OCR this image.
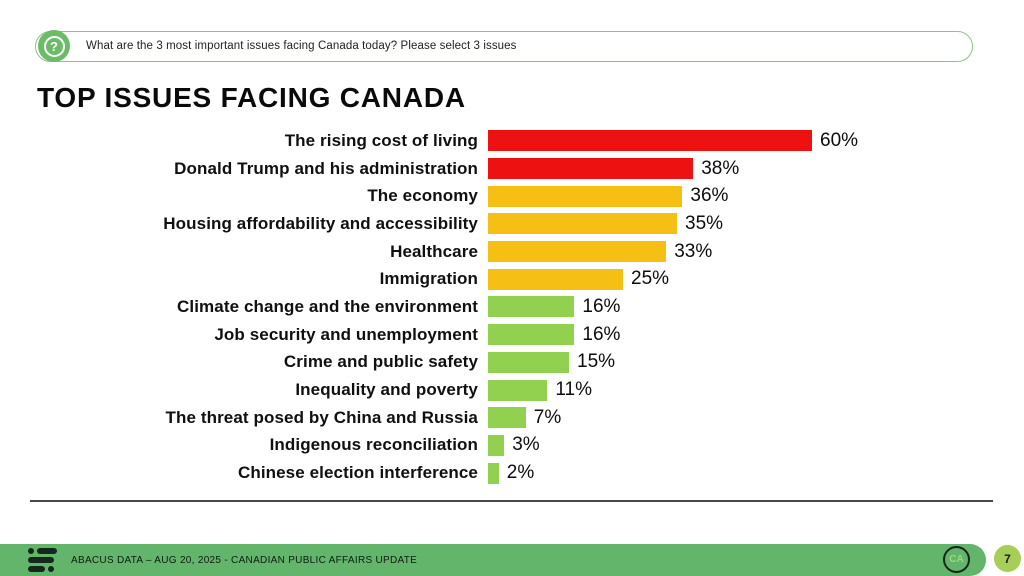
? What are the 3 most important issues facing Canada today? Please select 3 issues
TOP ISSUES FACING CANADA
The rising cost of living	60%
Donald Trump and his administration	38%
The economy	36%
Housing affordability and accessibility	35%
Healthcare	33%
Immigration	25%
Climate change and the environment	16%
Job security and unemployment	16%
Crime and public safety	15%
Inequality and poverty	11%
The threat posed by China and Russia	7%
Indigenous reconciliation 3%
Chinese election interference 2%
ABACUS DATA – AUG 20, 2025 - CANADIAN PUBLIC AFFAIRS UPDATE	CA	7
